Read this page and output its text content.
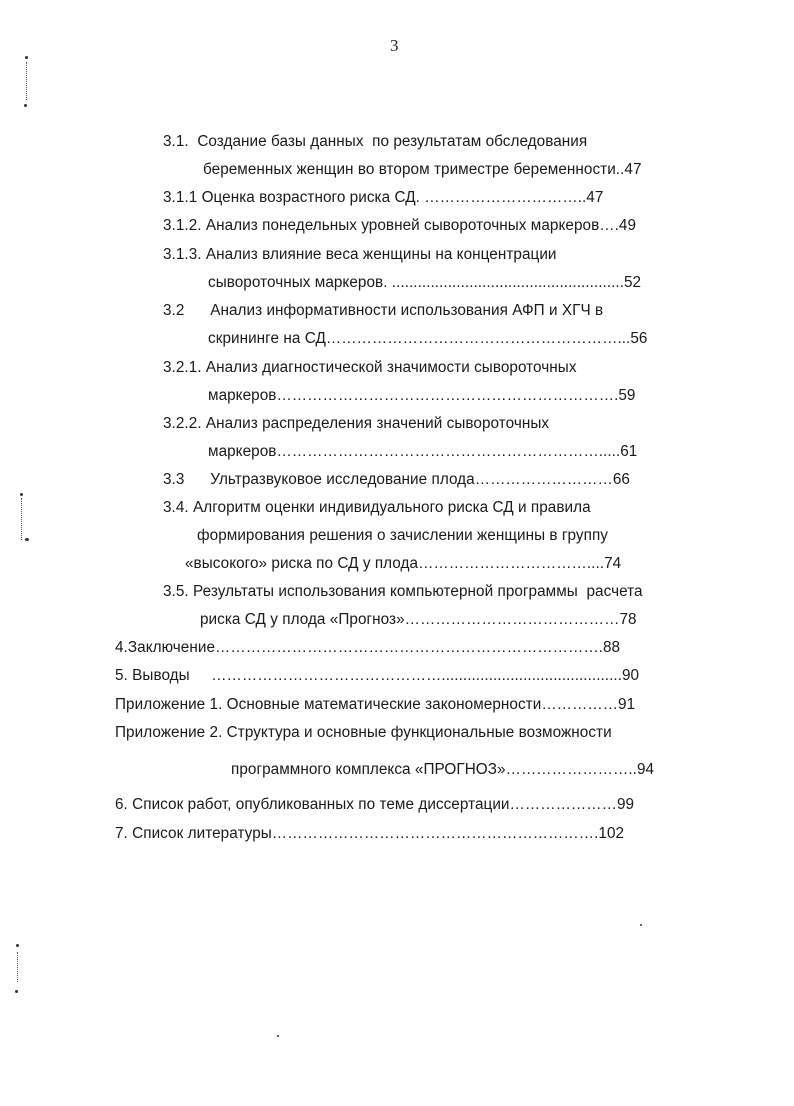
3
3.1.  Создание базы данных  по результатам обследования
беременных женщин во втором триместре беременности..47
3.1.1 Оценка возрастного риска СД. …………………………..47
3.1.2. Анализ понедельных уровней сывороточных маркеров….49
3.1.3. Анализ влияние веса женщины на концентрации
сывороточных маркеров. ......................................................52
3.2      Анализ информативности использования АФП и ХГЧ в
скрининге на СД…………………………………………………...56
3.2.1. Анализ диагностической значимости сывороточных
маркеров………………………………………………………….59
3.2.2. Анализ распределения значений сывороточных
маркеров……………………………………………………….....61
3.3      Ультразвуковое исследование плода………………………66
3.4. Алгоритм оценки индивидуального риска СД и правила
формирования решения о зачислении женщины в группу
«высокого» риска по СД у плода……………………………....74
3.5. Результаты использования компьютерной программы  расчета
риска СД у плода «Прогноз»……………………………………78
4.Заключение………………………………………………………………….88
5. Выводы     ………………………………………..........................................90
Приложение 1. Основные математические закономерности……………91
Приложение 2. Структура и основные функциональные возможности
программного комплекса «ПРОГНОЗ»……………………..94
6. Список работ, опубликованных по теме диссертации…………………99
7. Список литературы……………………………………………………….102
